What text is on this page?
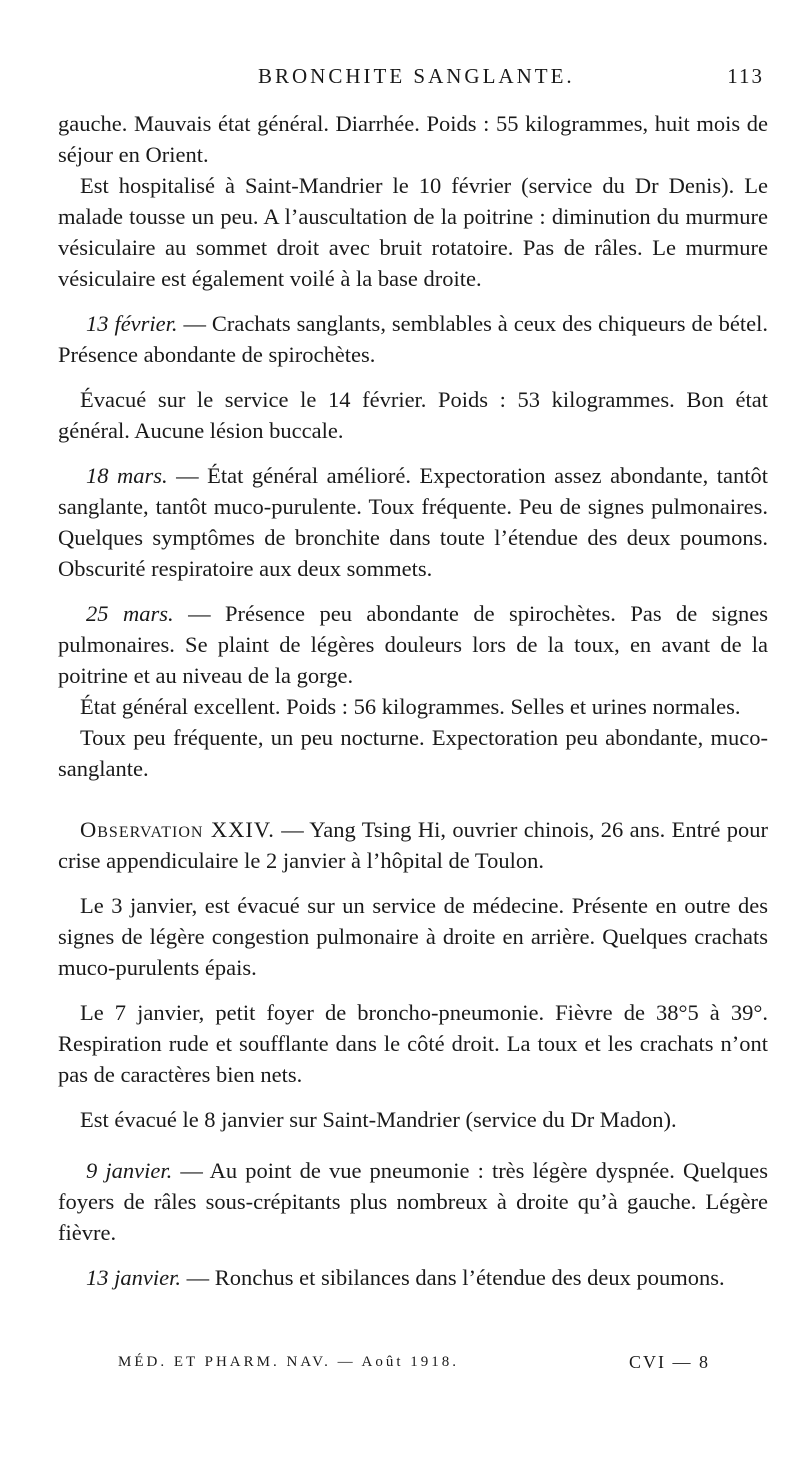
BRONCHITE SANGLANTE.	113

gauche. Mauvais état général. Diarrhée. Poids : 55 kilogrammes, huit mois de séjour en Orient.

Est hospitalisé à Saint-Mandrier le 10 février (service du Dr Denis). Le malade tousse un peu. A l’auscultation de la poitrine : diminution du murmure vésiculaire au sommet droit avec bruit rotatoire. Pas de râles. Le murmure vésiculaire est également voilé à la base droite.

13 février. — Crachats sanglants, semblables à ceux des chiqueurs de bétel. Présence abondante de spirochètes.

Évacué sur le service le 14 février. Poids : 53 kilogrammes. Bon état général. Aucune lésion buccale.

18 mars. — État général amélioré. Expectoration assez abondante, tantôt sanglante, tantôt muco-purulente. Toux fréquente. Peu de signes pulmonaires. Quelques symptômes de bronchite dans toute l’étendue des deux poumons. Obscurité respiratoire aux deux sommets.

25 mars. — Présence peu abondante de spirochètes. Pas de signes pulmonaires. Se plaint de légères douleurs lors de la toux, en avant de la poitrine et au niveau de la gorge.

État général excellent. Poids : 56 kilogrammes. Selles et urines normales.

Toux peu fréquente, un peu nocturne. Expectoration peu abondante, muco-sanglante.

Observation XXIV. — Yang Tsing Hi, ouvrier chinois, 26 ans. Entré pour crise appendiculaire le 2 janvier à l’hôpital de Toulon.

Le 3 janvier, est évacué sur un service de médecine. Présente en outre des signes de légère congestion pulmonaire à droite en arrière. Quelques crachats muco-purulents épais.

Le 7 janvier, petit foyer de broncho-pneumonie. Fièvre de 38°5 à 39°. Respiration rude et soufflante dans le côté droit. La toux et les crachats n’ont pas de caractères bien nets.

Est évacué le 8 janvier sur Saint-Mandrier (service du Dr Madon).

9 janvier. — Au point de vue pneumonie : très légère dyspnée. Quelques foyers de râles sous-crépitants plus nombreux à droite qu’à gauche. Légère fièvre.

13 janvier. — Ronchus et sibilances dans l’étendue des deux poumons.

MÉD. ET PHARM. NAV. — Août 1918.	CVI — 8
